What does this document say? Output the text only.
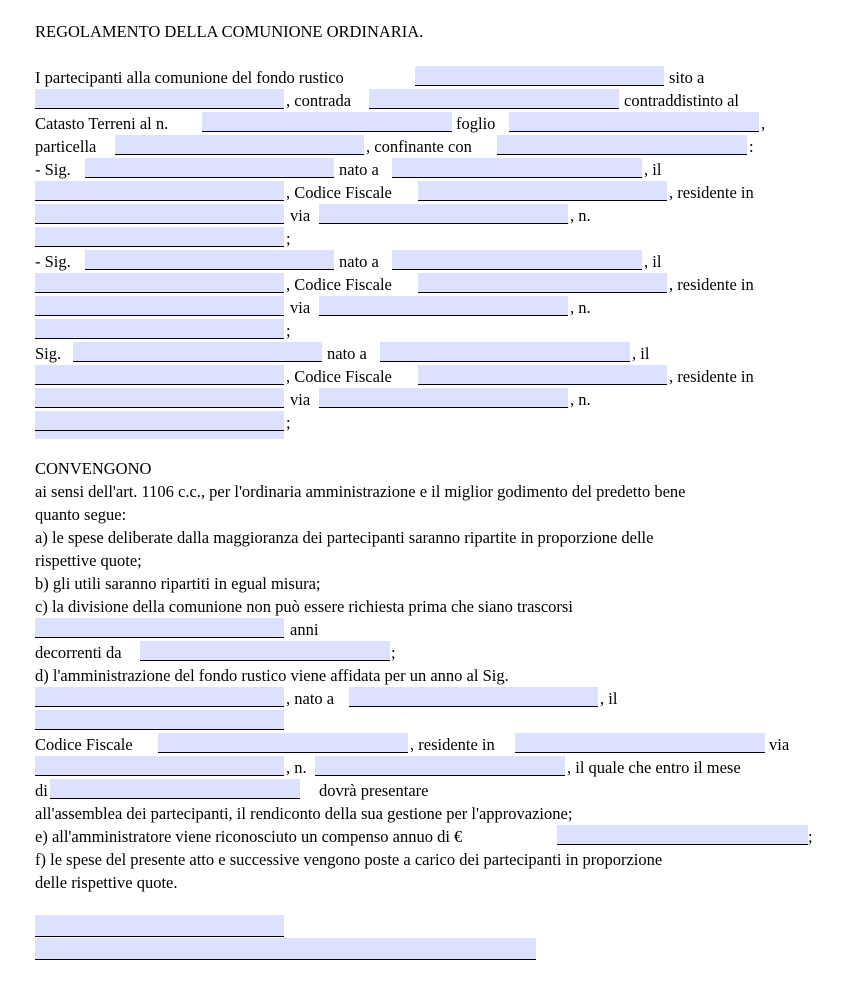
REGOLAMENTO DELLA COMUNIONE ORDINARIA.
I partecipanti alla comunione del fondo rustico	sito a
, contrada	contraddistinto al
Catasto Terreni al n.	foglio	,
particella	, confinante con	:
- Sig.	nato a	, il
, Codice Fiscale	, residente in
via	, n.
;
- Sig.	nato a	, il
, Codice Fiscale	, residente in
via	, n.
;
Sig.	nato a	, il
, Codice Fiscale	, residente in
via	, n.
;
CONVENGONO
ai sensi dell'art. 1106 c.c., per l'ordinaria amministrazione e il miglior godimento del predetto bene
quanto segue:
a) le spese deliberate dalla maggioranza dei partecipanti saranno ripartite in proporzione delle
rispettive quote;
b) gli utili saranno ripartiti in egual misura;
c) la divisione della comunione non può essere richiesta prima che siano trascorsi
anni
decorrenti da	;
d) l'amministrazione del fondo rustico viene affidata per un anno al Sig.
, nato a	, il
Codice Fiscale	, residente in	via
, n.	, il quale che entro il mese
di	dovrà presentare
all'assemblea dei partecipanti, il rendiconto della sua gestione per l'approvazione;
e) all'amministratore viene riconosciuto un compenso annuo di €	;
f) le spese del presente atto e successive vengono poste a carico dei partecipanti in proporzione
delle rispettive quote.
